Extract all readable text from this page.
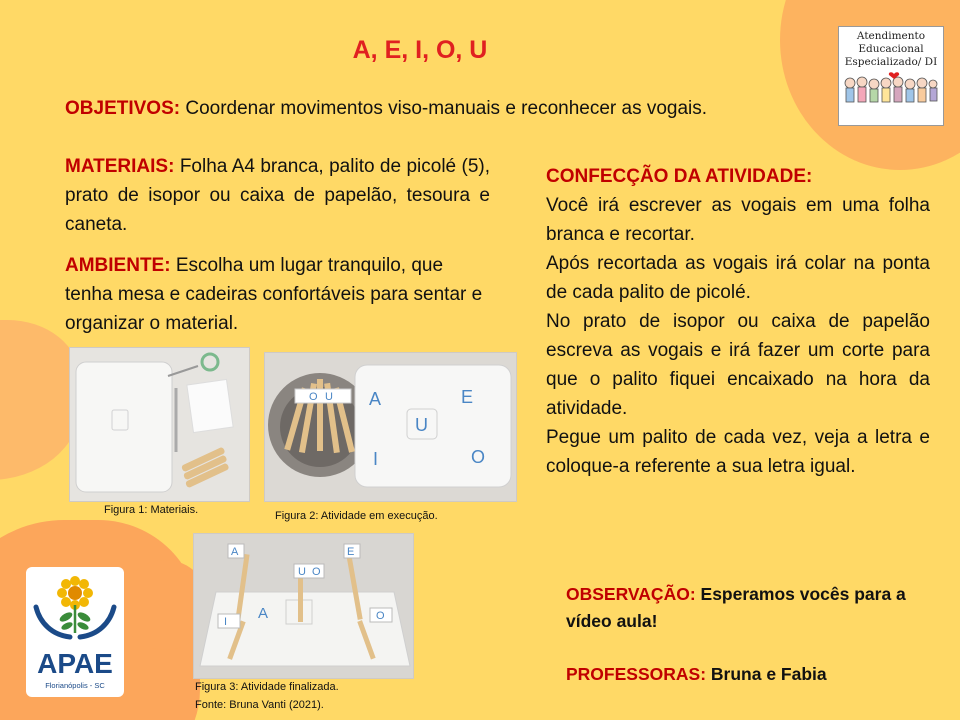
A, E, I, O, U	Atendimento
Educacional
Especializado/ DI
OBJETIVOS: Coordenar movimentos viso-manuais e reconhecer as vogais.
MATERIAIS: Folha A4 branca, palito de picolé (5), prato de isopor ou caixa de papelão, tesoura e caneta.
AMBIENTE: Escolha um lugar tranquilo, que tenha mesa e cadeiras confortáveis para sentar e organizar o material.
CONFECÇÃO DA ATIVIDADE:
Você irá escrever as vogais em uma folha branca e recortar.
Após recortada as vogais irá colar na ponta de cada palito de picolé.
No prato de isopor ou caixa de papelão escreva as vogais e irá fazer um corte para que o palito fiquei encaixado na hora da atividade.
Pegue um palito de cada vez, veja a letra e coloque-a referente a sua letra igual.
Figura 1: Materiais.
O U A	E
U
I	O
Figura 2: Atividade em execução.
A	E
U O
I	O
A
Figura 3: Atividade finalizada.
Fonte: Bruna Vanti (2021).
APAE
Florianópolis - SC
OBSERVAÇÃO: Esperamos vocês para a vídeo aula!
PROFESSORAS: Bruna e Fabia
